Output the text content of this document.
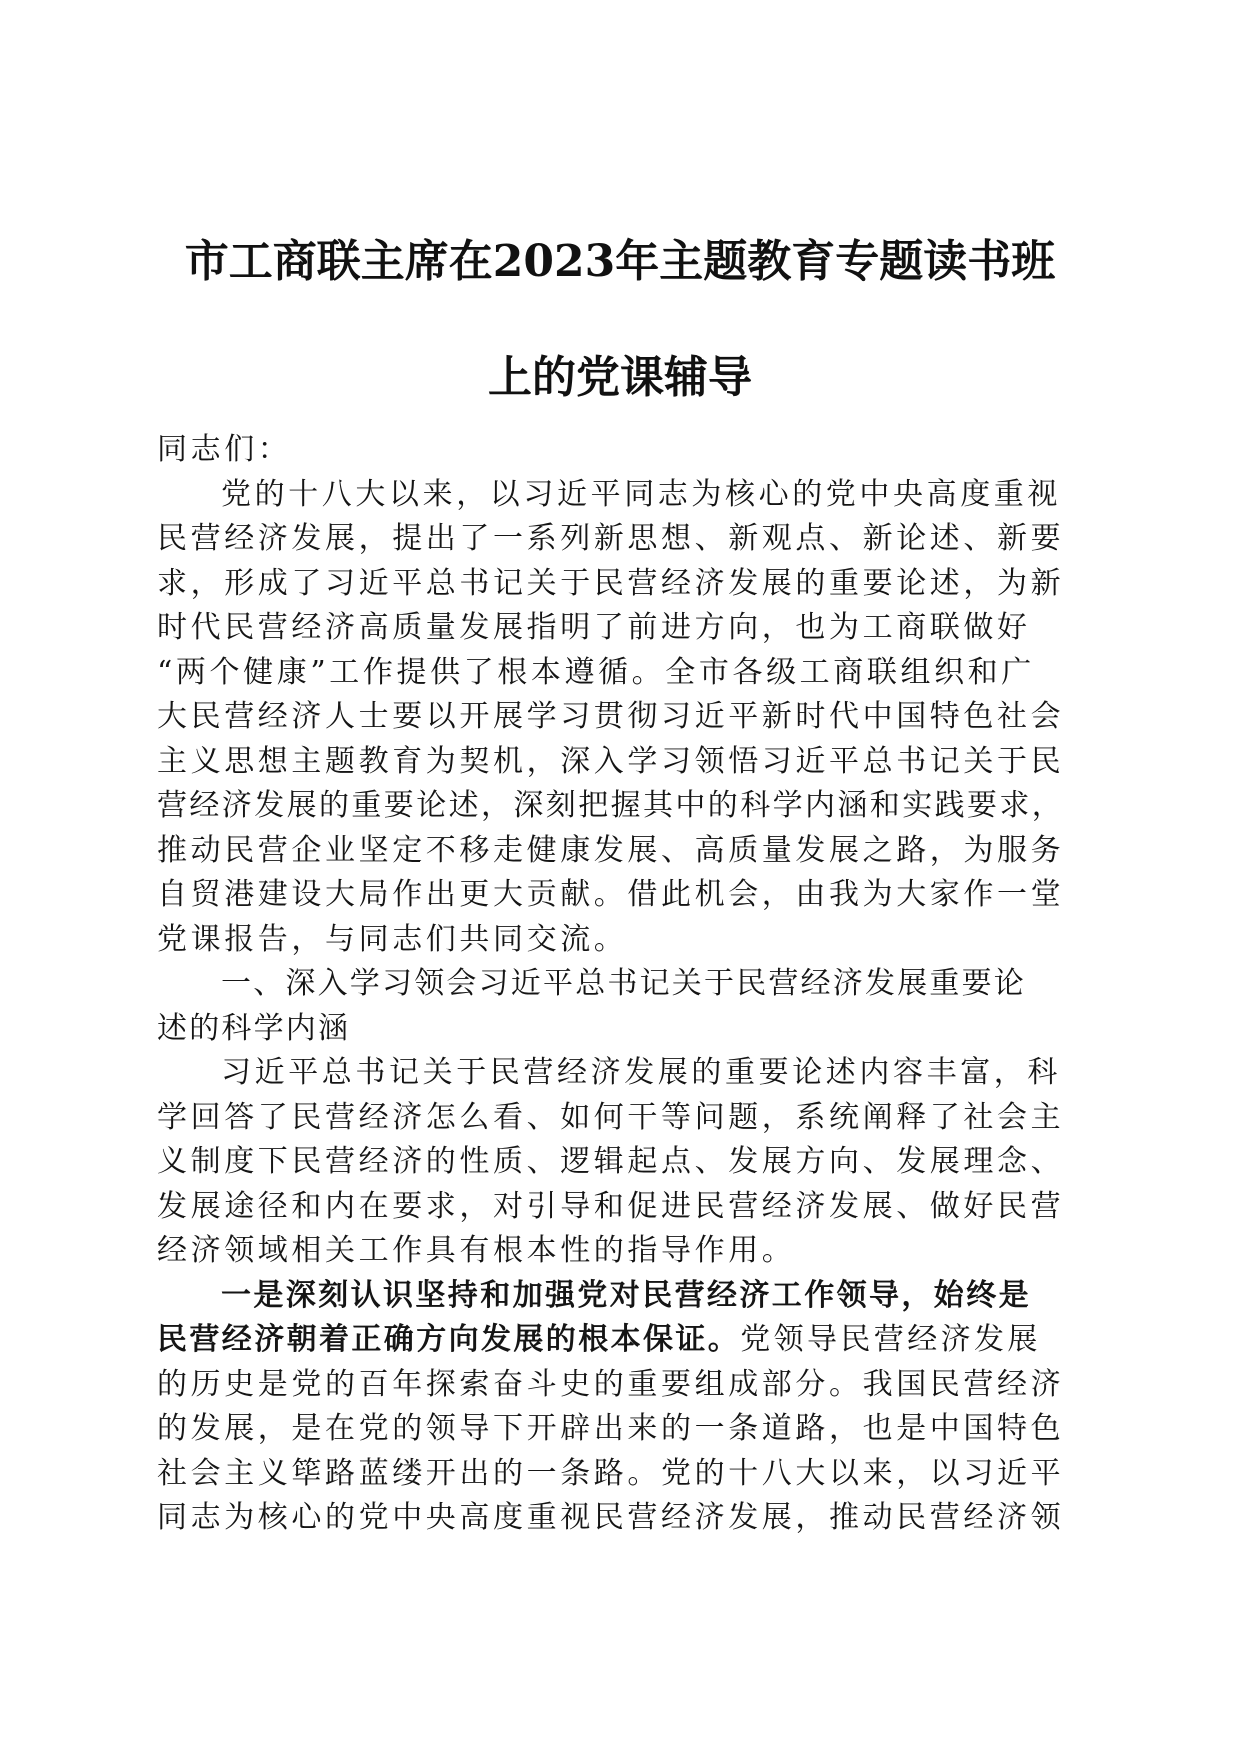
市工商联主席在2023年主题教育专题读书班
上的党课辅导
同志们：
党的十八大以来，以习近平同志为核心的党中央高度重视
民营经济发展，提出了一系列新思想、新观点、新论述、新要
求，形成了习近平总书记关于民营经济发展的重要论述，为新
时代民营经济高质量发展指明了前进方向，也为工商联做好
“两个健康”工作提供了根本遵循。全市各级工商联组织和广
大民营经济人士要以开展学习贯彻习近平新时代中国特色社会
主义思想主题教育为契机，深入学习领悟习近平总书记关于民
营经济发展的重要论述，深刻把握其中的科学内涵和实践要求，
推动民营企业坚定不移走健康发展、高质量发展之路，为服务
自贸港建设大局作出更大贡献。借此机会，由我为大家作一堂
党课报告，与同志们共同交流。
一、深入学习领会习近平总书记关于民营经济发展重要论
述的科学内涵
习近平总书记关于民营经济发展的重要论述内容丰富，科
学回答了民营经济怎么看、如何干等问题，系统阐释了社会主
义制度下民营经济的性质、逻辑起点、发展方向、发展理念、
发展途径和内在要求，对引导和促进民营经济发展、做好民营
经济领域相关工作具有根本性的指导作用。
一是深刻认识坚持和加强党对民营经济工作领导，始终是
民营经济朝着正确方向发展的根本保证。党领导民营经济发展
的历史是党的百年探索奋斗史的重要组成部分。我国民营经济
的发展，是在党的领导下开辟出来的一条道路，也是中国特色
社会主义筚路蓝缕开出的一条路。党的十八大以来，以习近平
同志为核心的党中央高度重视民营经济发展，推动民营经济领
